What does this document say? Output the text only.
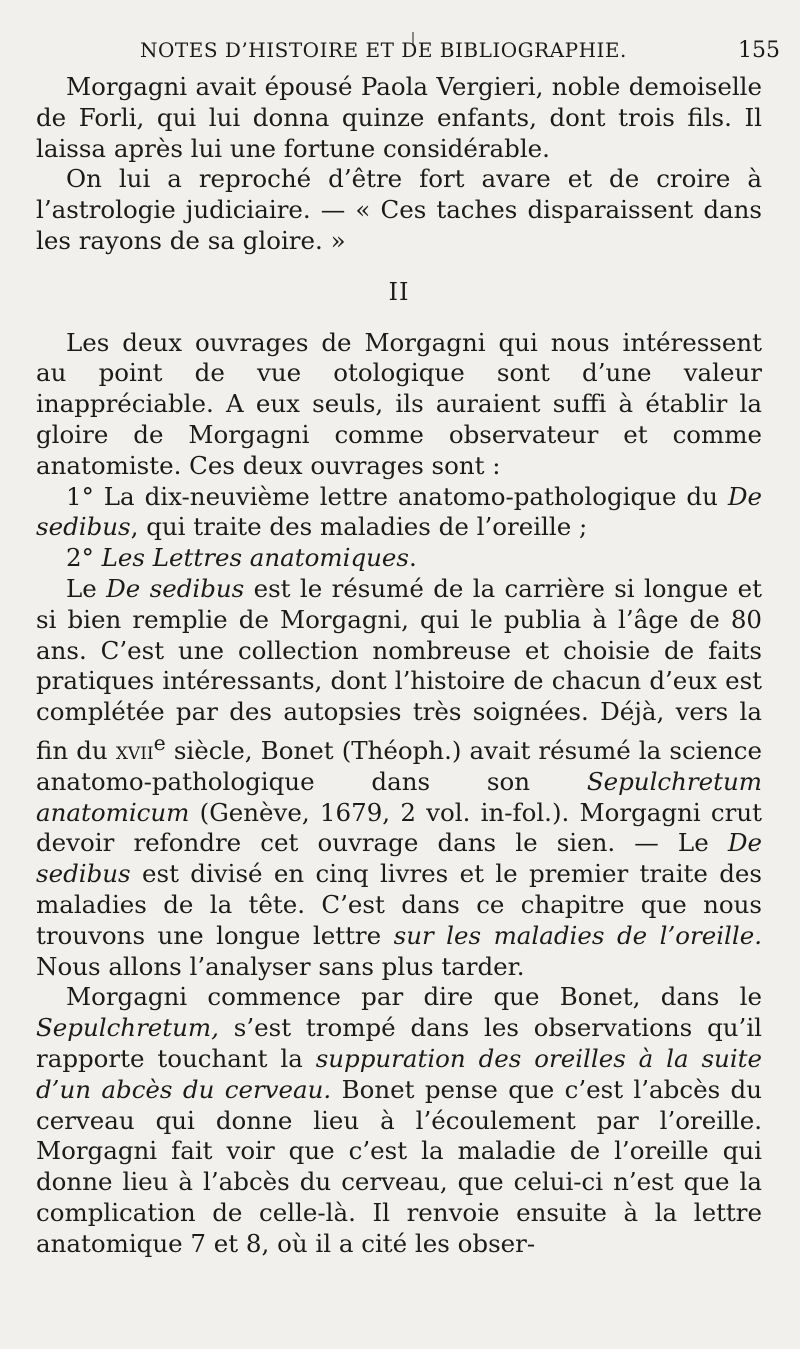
NOTES D’HISTOIRE ET DE BIBLIOGRAPHIE.	155

Morgagni avait épousé Paola Vergieri, noble demoiselle de Forli, qui lui donna quinze enfants, dont trois fils. Il laissa après lui une fortune considérable.

On lui a reproché d’être fort avare et de croire à l’astrologie judiciaire. — « Ces taches disparaissent dans les rayons de sa gloire. »

II

Les deux ouvrages de Morgagni qui nous intéressent au point de vue otologique sont d’une valeur inappréciable. A eux seuls, ils auraient suffi à établir la gloire de Morgagni comme observateur et comme anatomiste. Ces deux ouvrages sont :

1° La dix-neuvième lettre anatomo-pathologique du De sedibus, qui traite des maladies de l’oreille ;

2° Les Lettres anatomiques.

Le De sedibus est le résumé de la carrière si longue et si bien remplie de Morgagni, qui le publia à l’âge de 80 ans. C’est une collection nombreuse et choisie de faits pratiques intéressants, dont l’histoire de chacun d’eux est complétée par des autopsies très soignées. Déjà, vers la fin du xvii$^e$ siècle, Bonet (Théoph.) avait résumé la science anatomo-pathologique dans son Sepulchretum anatomicum (Genève, 1679, 2 vol. in-fol.). Morgagni crut devoir refondre cet ouvrage dans le sien. — Le De sedibus est divisé en cinq livres et le premier traite des maladies de la tête. C’est dans ce chapitre que nous trouvons une longue lettre sur les maladies de l’oreille. Nous allons l’analyser sans plus tarder.

Morgagni commence par dire que Bonet, dans le Sepulchretum, s’est trompé dans les observations qu’il rapporte touchant la suppuration des oreilles à la suite d’un abcès du cerveau. Bonet pense que c’est l’abcès du cerveau qui donne lieu à l’écoulement par l’oreille. Morgagni fait voir que c’est la maladie de l’oreille qui donne lieu à l’abcès du cerveau, que celui-ci n’est que la complication de celle-là. Il renvoie ensuite à la lettre anatomique 7 et 8, où il a cité les obser-
